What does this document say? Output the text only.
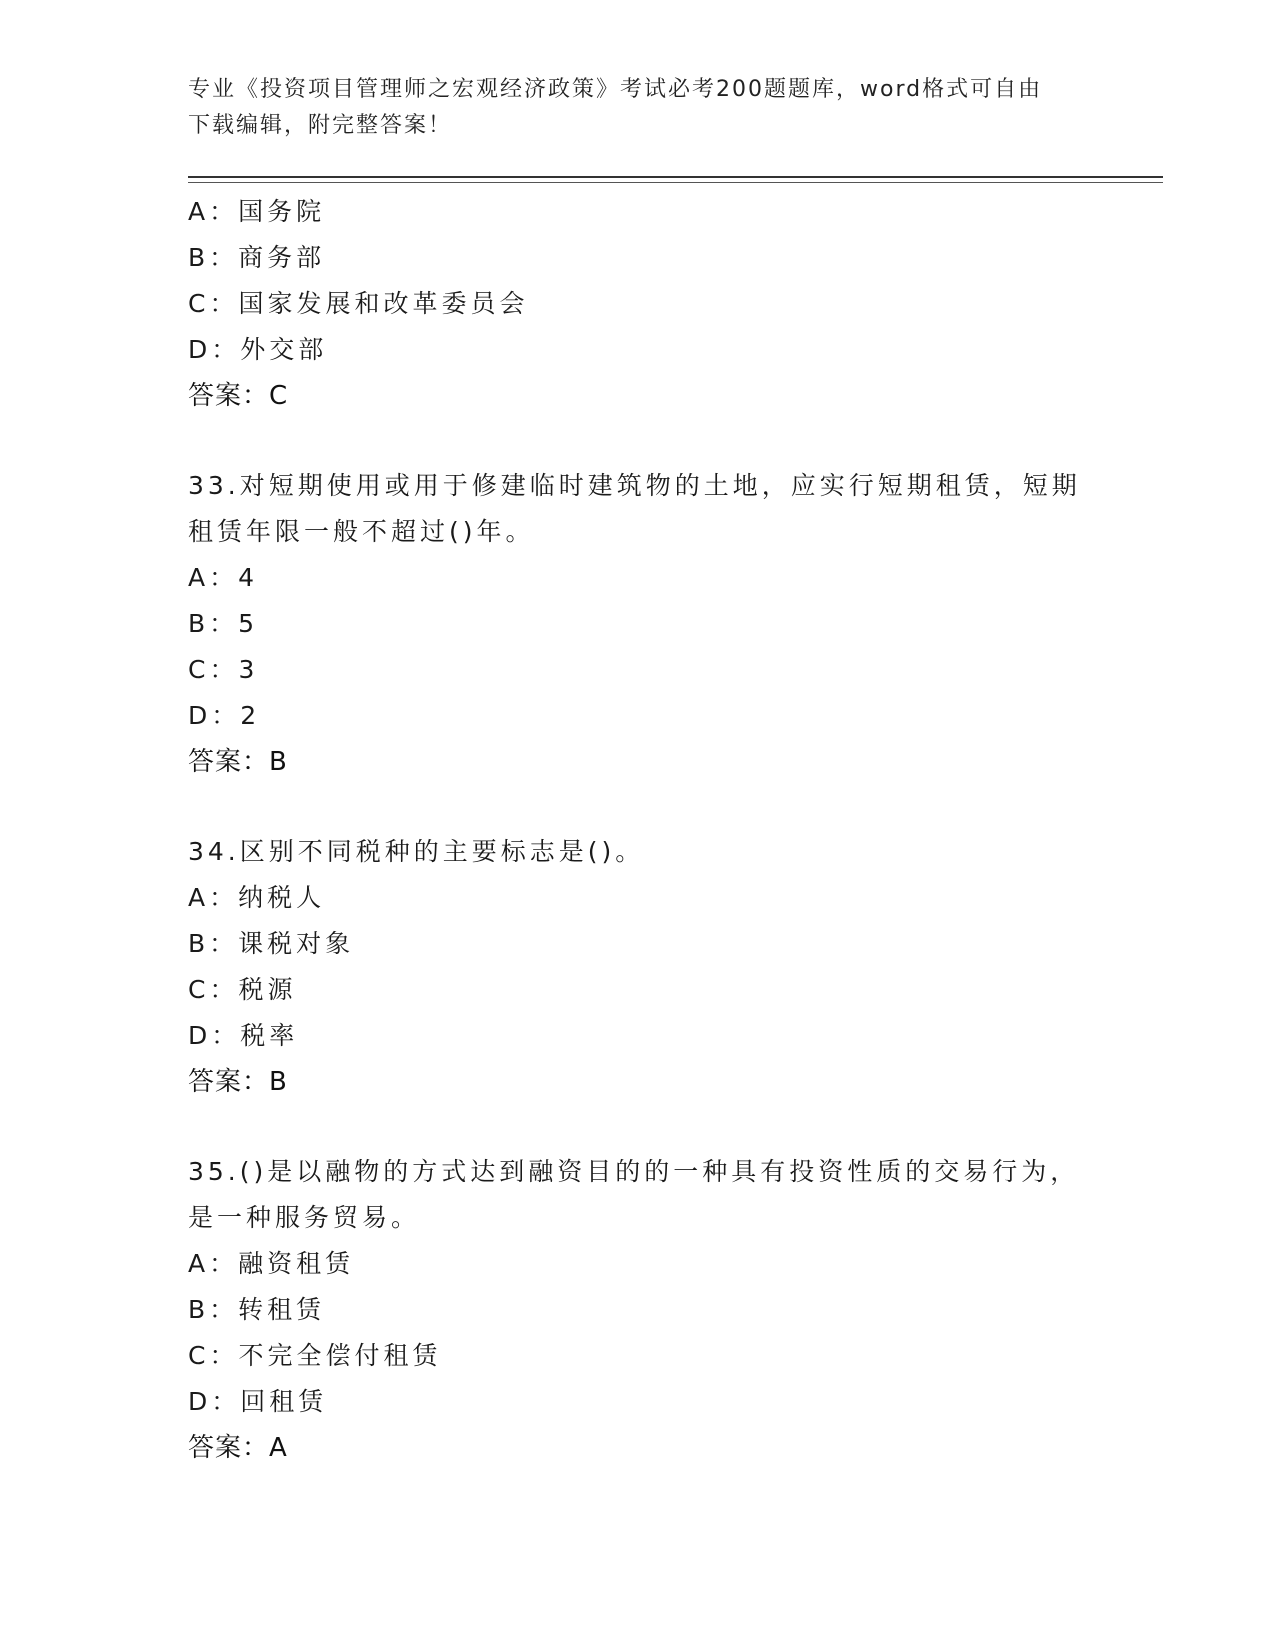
专业《投资项目管理师之宏观经济政策》考试必考200题题库，word格式可自由
下载编辑，附完整答案！
A：国务院
B：商务部
C：国家发展和改革委员会
D：外交部
答案：C
33.对短期使用或用于修建临时建筑物的土地，应实行短期租赁，短期
租赁年限一般不超过()年。
A：4
B：5
C：3
D：2
答案：B
34.区别不同税种的主要标志是()。
A：纳税人
B：课税对象
C：税源
D：税率
答案：B
35.()是以融物的方式达到融资目的的一种具有投资性质的交易行为，
是一种服务贸易。
A：融资租赁
B：转租赁
C：不完全偿付租赁
D：回租赁
答案：A
